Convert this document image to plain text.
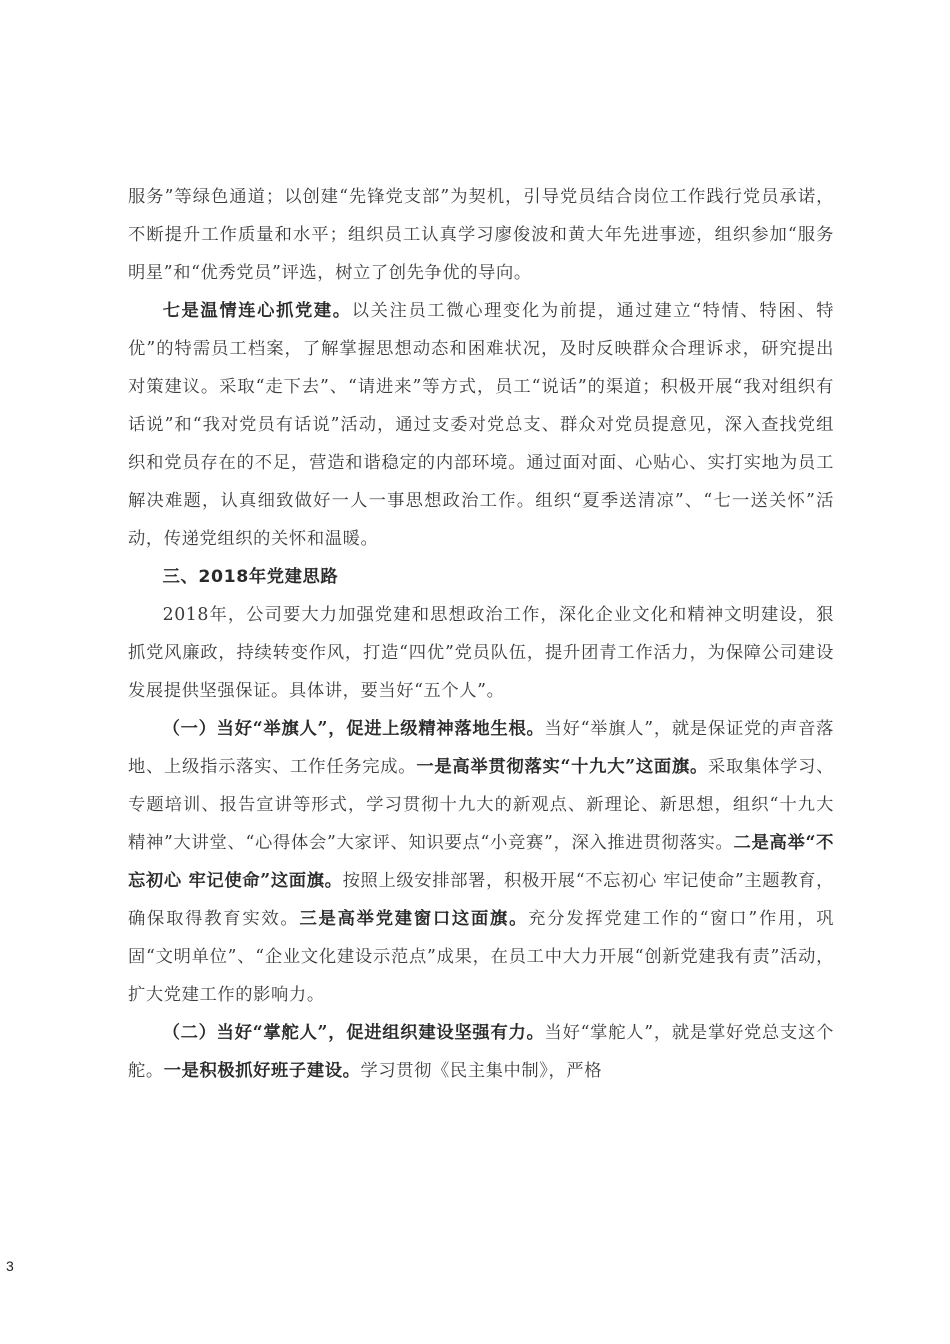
服务”等绿色通道；以创建“先锋党支部”为契机，引导党员结合岗位工作践行党员承诺，不断提升工作质量和水平；组织员工认真学习廖俊波和黄大年先进事迹，组织参加“服务明星”和“优秀党员”评选，树立了创先争优的导向。

七是温情连心抓党建。以关注员工微心理变化为前提，通过建立“特情、特困、特优”的特需员工档案，了解掌握思想动态和困难状况，及时反映群众合理诉求，研究提出对策建议。采取“走下去”、“请进来”等方式，员工“说话”的渠道；积极开展“我对组织有话说”和“我对党员有话说”活动，通过支委对党总支、群众对党员提意见，深入查找党组织和党员存在的不足，营造和谐稳定的内部环境。通过面对面、心贴心、实打实地为员工解决难题，认真细致做好一人一事思想政治工作。组织“夏季送清凉”、“七一送关怀”活动，传递党组织的关怀和温暖。

三、2018年党建思路

2018年，公司要大力加强党建和思想政治工作，深化企业文化和精神文明建设，狠抓党风廉政，持续转变作风，打造“四优”党员队伍，提升团青工作活力，为保障公司建设发展提供坚强保证。具体讲，要当好“五个人”。

（一）当好“举旗人”，促进上级精神落地生根。当好“举旗人”，就是保证党的声音落地、上级指示落实、工作任务完成。一是高举贯彻落实“十九大”这面旗。采取集体学习、专题培训、报告宣讲等形式，学习贯彻十九大的新观点、新理论、新思想，组织“十九大精神”大讲堂、“心得体会”大家评、知识要点“小竞赛”，深入推进贯彻落实。二是高举“不忘初心 牢记使命”这面旗。按照上级安排部署，积极开展“不忘初心 牢记使命”主题教育，确保取得教育实效。三是高举党建窗口这面旗。充分发挥党建工作的“窗口”作用，巩固“文明单位”、“企业文化建设示范点”成果，在员工中大力开展“创新党建我有责”活动，扩大党建工作的影响力。

（二）当好“掌舵人”，促进组织建设坚强有力。当好“掌舵人”，就是掌好党总支这个舵。一是积极抓好班子建设。学习贯彻《民主集中制》，严格

3
